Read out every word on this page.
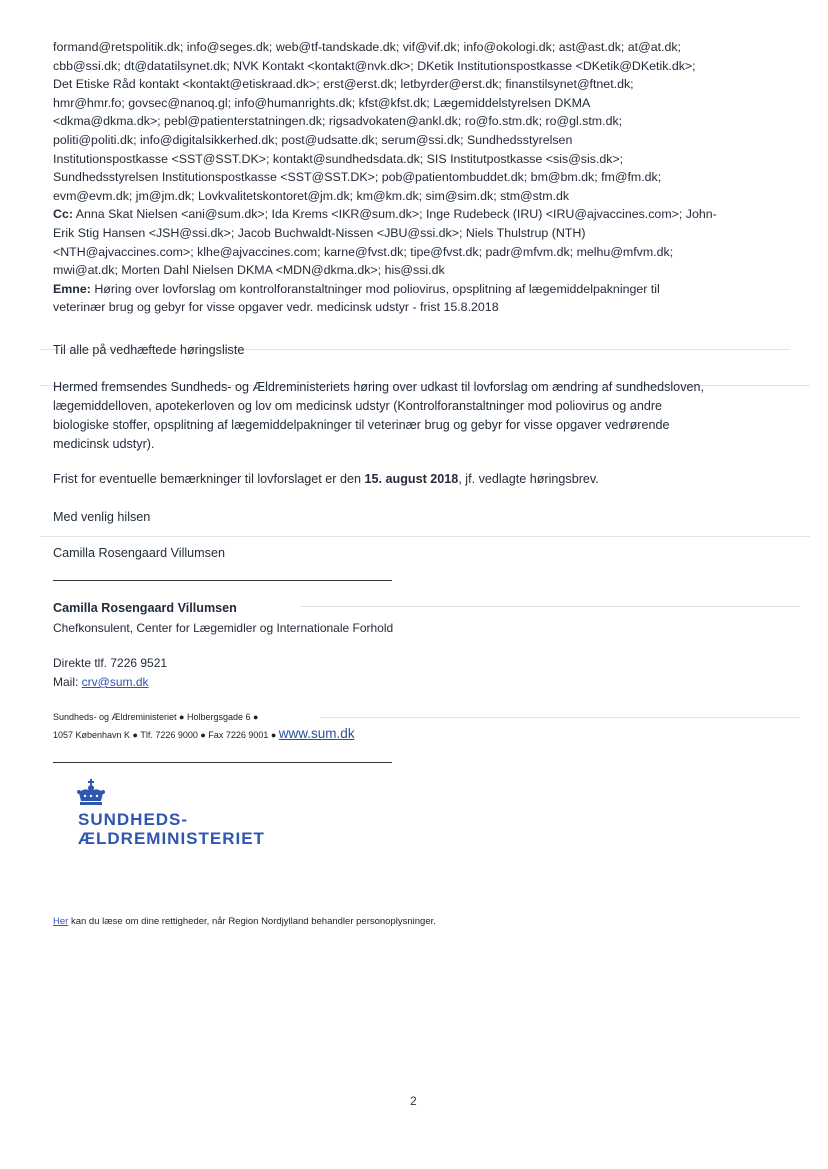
formand@retspolitik.dk; info@seges.dk; web@tf-tandskade.dk; vif@vif.dk; info@okologi.dk; ast@ast.dk; at@at.dk;

cbb@ssi.dk; dt@datatilsynet.dk; NVK Kontakt <kontakt@nvk.dk>; DKetik Institutionspostkasse <DKetik@DKetik.dk>;

Det Etiske Råd kontakt <kontakt@etiskraad.dk>; erst@erst.dk; letbyrder@erst.dk; finanstilsynet@ftnet.dk;

hmr@hmr.fo; govsec@nanoq.gl; info@humanrights.dk; kfst@kfst.dk; Lægemiddelstyrelsen DKMA

<dkma@dkma.dk>; pebl@patienterstatningen.dk; rigsadvokaten@ankl.dk; ro@fo.stm.dk; ro@gl.stm.dk;

politi@politi.dk; info@digitalsikkerhed.dk; post@udsatte.dk; serum@ssi.dk; Sundhedsstyrelsen

Institutionspostkasse <SST@SST.DK>; kontakt@sundhedsdata.dk; SIS Institutpostkasse <sis@sis.dk>;

Sundhedsstyrelsen Institutionspostkasse <SST@SST.DK>; pob@patientombuddet.dk; bm@bm.dk; fm@fm.dk;

evm@evm.dk; jm@jm.dk; Lovkvalitetskontoret@jm.dk; km@km.dk; sim@sim.dk; stm@stm.dk

Cc: Anna Skat Nielsen <ani@sum.dk>; Ida Krems <IKR@sum.dk>; Inge Rudebeck (IRU) <IRU@ajvaccines.com>; John-

Erik Stig Hansen <JSH@ssi.dk>; Jacob Buchwaldt-Nissen <JBU@ssi.dk>; Niels Thulstrup (NTH)

<NTH@ajvaccines.com>; klhe@ajvaccines.com; karne@fvst.dk; tipe@fvst.dk; padr@mfvm.dk; melhu@mfvm.dk;

mwi@at.dk; Morten Dahl Nielsen DKMA <MDN@dkma.dk>; his@ssi.dk

Emne: Høring over lovforslag om kontrolforanstaltninger mod poliovirus, opsplitning af lægemiddelpakninger til

veterinær brug og gebyr for visse opgaver vedr. medicinsk udstyr - frist 15.8.2018

Til alle på vedhæftede høringsliste

Hermed fremsendes Sundheds- og Ældreministeriets høring over udkast til lovforslag om ændring af sundhedsloven,

lægemiddelloven, apotekerloven og lov om medicinsk udstyr (Kontrolforanstaltninger mod poliovirus og andre

biologiske stoffer, opsplitning af lægemiddelpakninger til veterinær brug og gebyr for visse opgaver vedrørende

medicinsk udstyr).

Frist for eventuelle bemærkninger til lovforslaget er den 15. august 2018, jf. vedlagte høringsbrev.

Med venlig hilsen

Camilla Rosengaard Villumsen

Camilla Rosengaard Villumsen

Chefkonsulent, Center for Lægemidler og Internationale Forhold

Direkte tlf. 7226 9521

Mail: crv@sum.dk

Sundheds- og Ældreministeriet ● Holbergsgade 6 ●

1057 København K ● Tlf. 7226 9000 ● Fax 7226 9001 ● www.sum.dk

SUNDHEDS-

ÆLDREMINISTERIET

Her kan du læse om dine rettigheder, når Region Nordjylland behandler personoplysninger.

2
